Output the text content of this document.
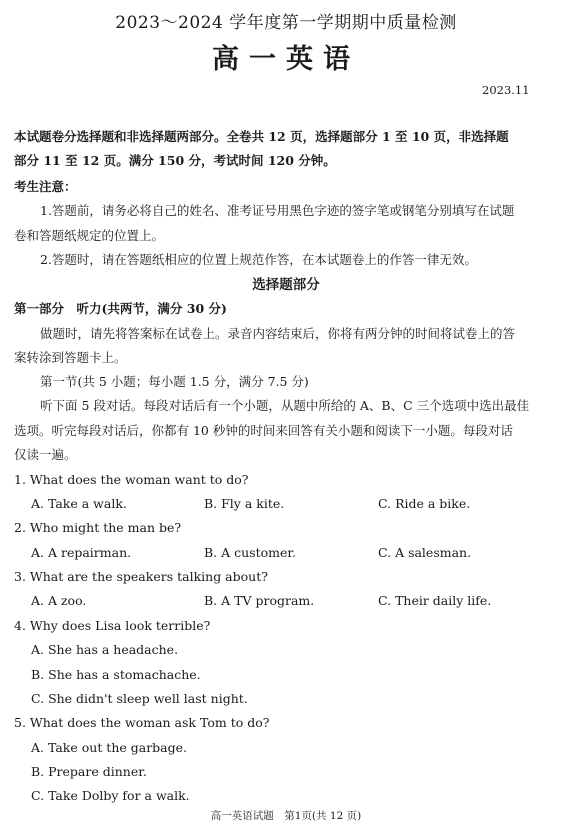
2023～2024 学年度第一学期期中质量检测
高一英语
2023.11
本试题卷分选择题和非选择题两部分。全卷共 12 页，选择题部分 1 至 10 页，非选择题
部分 11 至 12 页。满分 150 分，考试时间 120 分钟。
考生注意：
1.答题前，请务必将自己的姓名、准考证号用黑色字迹的签字笔或钢笔分别填写在试题
卷和答题纸规定的位置上。
2.答题时，请在答题纸相应的位置上规范作答，在本试题卷上的作答一律无效。
选择题部分
第一部分　听力(共两节，满分 30 分)
做题时，请先将答案标在试卷上。录音内容结束后，你将有两分钟的时间将试卷上的答
案转涂到答题卡上。
第一节(共 5 小题；每小题 1.5 分，满分 7.5 分)
听下面 5 段对话。每段对话后有一个小题，从题中所给的 A、B、C 三个选项中选出最佳
选项。听完每段对话后，你都有 10 秒钟的时间来回答有关小题和阅读下一小题。每段对话
仅读一遍。
1. What does the woman want to do?
A. Take a walk.	B. Fly a kite.	C. Ride a bike.
2. Who might the man be?
A. A repairman.	B. A customer.	C. A salesman.
3. What are the speakers talking about?
A. A zoo.	B. A TV program.	C. Their daily life.
4. Why does Lisa look terrible?
A. She has a headache.
B. She has a stomachache.
C. She didn't sleep well last night.
5. What does the woman ask Tom to do?
A. Take out the garbage.
B. Prepare dinner.
C. Take Dolby for a walk.
高一英语试题　第1页(共 12 页)
